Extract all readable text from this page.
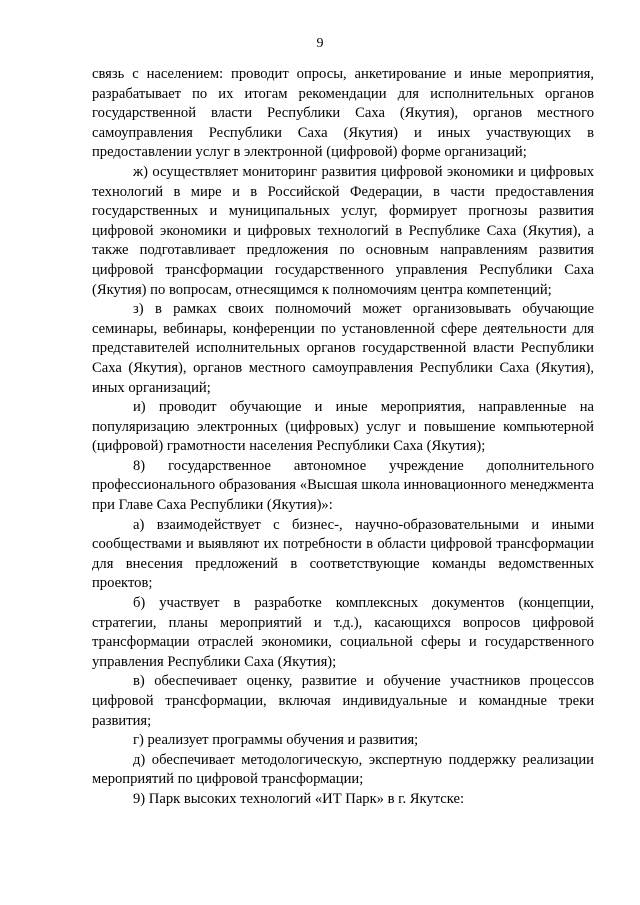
9

связь с населением: проводит опросы, анкетирование и иные мероприятия, разрабатывает по их итогам рекомендации для исполнительных органов государственной власти Республики Саха (Якутия), органов местного самоуправления Республики Саха (Якутия) и иных участвующих в предоставлении услуг в электронной (цифровой) форме организаций;

ж) осуществляет мониторинг развития цифровой экономики и цифровых технологий в мире и в Российской Федерации, в части предоставления государственных и муниципальных услуг, формирует прогнозы развития цифровой экономики и цифровых технологий в Республике Саха (Якутия), а также подготавливает предложения по основным направлениям развития цифровой трансформации государственного управления Республики Саха (Якутия) по вопросам, отнесящимся к полномочиям центра компетенций;

з) в рамках своих полномочий может организовывать обучающие семинары, вебинары, конференции по установленной сфере деятельности для представителей исполнительных органов государственной власти Республики Саха (Якутия), органов местного самоуправления Республики Саха (Якутия), иных организаций;

и) проводит обучающие и иные мероприятия, направленные на популяризацию электронных (цифровых) услуг и повышение компьютерной (цифровой) грамотности населения Республики Саха (Якутия);

8) государственное автономное учреждение дополнительного профессионального образования «Высшая школа инновационного менеджмента при Главе Саха Республики (Якутия)»:

а) взаимодействует с бизнес-, научно-образовательными и иными сообществами и выявляют их потребности в области цифровой трансформации для внесения предложений в соответствующие команды ведомственных проектов;

б) участвует в разработке комплексных документов (концепции, стратегии, планы мероприятий и т.д.), касающихся вопросов цифровой трансформации отраслей экономики, социальной сферы и государственного управления Республики Саха (Якутия);

в) обеспечивает оценку, развитие и обучение участников процессов цифровой трансформации, включая индивидуальные и командные треки развития;

г) реализует программы обучения и развития;

д) обеспечивает методологическую, экспертную поддержку реализации мероприятий по цифровой трансформации;

9) Парк высоких технологий «ИТ Парк» в г. Якутске:
